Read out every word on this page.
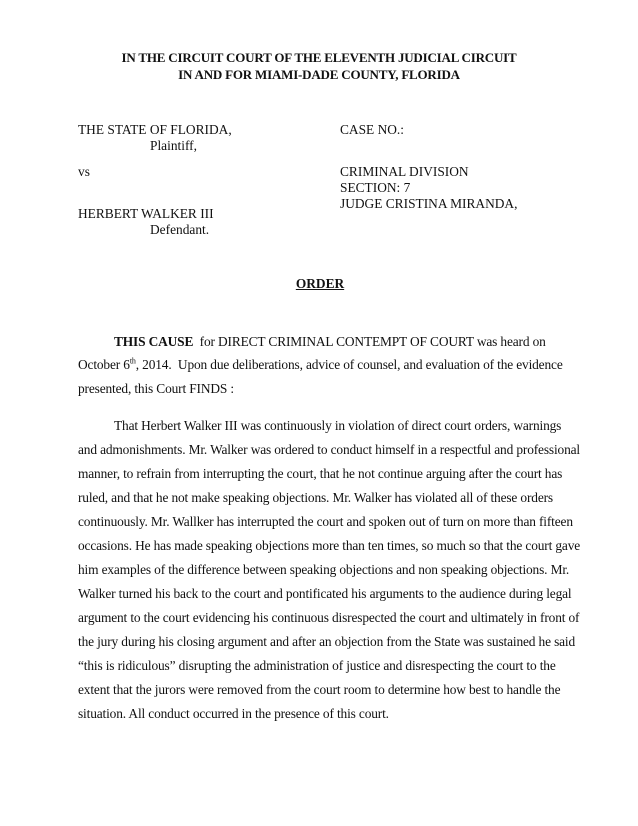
IN THE CIRCUIT COURT OF THE ELEVENTH JUDICIAL CIRCUIT
IN AND FOR MIAMI-DADE COUNTY, FLORIDA
THE STATE OF FLORIDA,
Plaintiff,
vs
HERBERT WALKER III
Defendant.
CASE NO.:
CRIMINAL DIVISION
SECTION: 7
JUDGE CRISTINA MIRANDA,
ORDER
THIS CAUSE  for DIRECT CRIMINAL CONTEMPT OF COURT was heard on
October 6th, 2014.  Upon due deliberations, advice of counsel, and evaluation of the evidence
presented, this Court FINDS :
That Herbert Walker III was continuously in violation of direct court orders, warnings
and admonishments. Mr. Walker was ordered to conduct himself in a respectful and professional
manner, to refrain from interrupting the court, that he not continue arguing after the court has
ruled, and that he not make speaking objections. Mr. Walker has violated all of these orders
continuously. Mr. Wallker has interrupted the court and spoken out of turn on more than fifteen
occasions. He has made speaking objections more than ten times, so much so that the court gave
him examples of the difference between speaking objections and non speaking objections. Mr.
Walker turned his back to the court and pontificated his arguments to the audience during legal
argument to the court evidencing his continuous disrespected the court and ultimately in front of
the jury during his closing argument and after an objection from the State was sustained he said
“this is ridiculous” disrupting the administration of justice and disrespecting the court to the
extent that the jurors were removed from the court room to determine how best to handle the
situation. All conduct occurred in the presence of this court.
